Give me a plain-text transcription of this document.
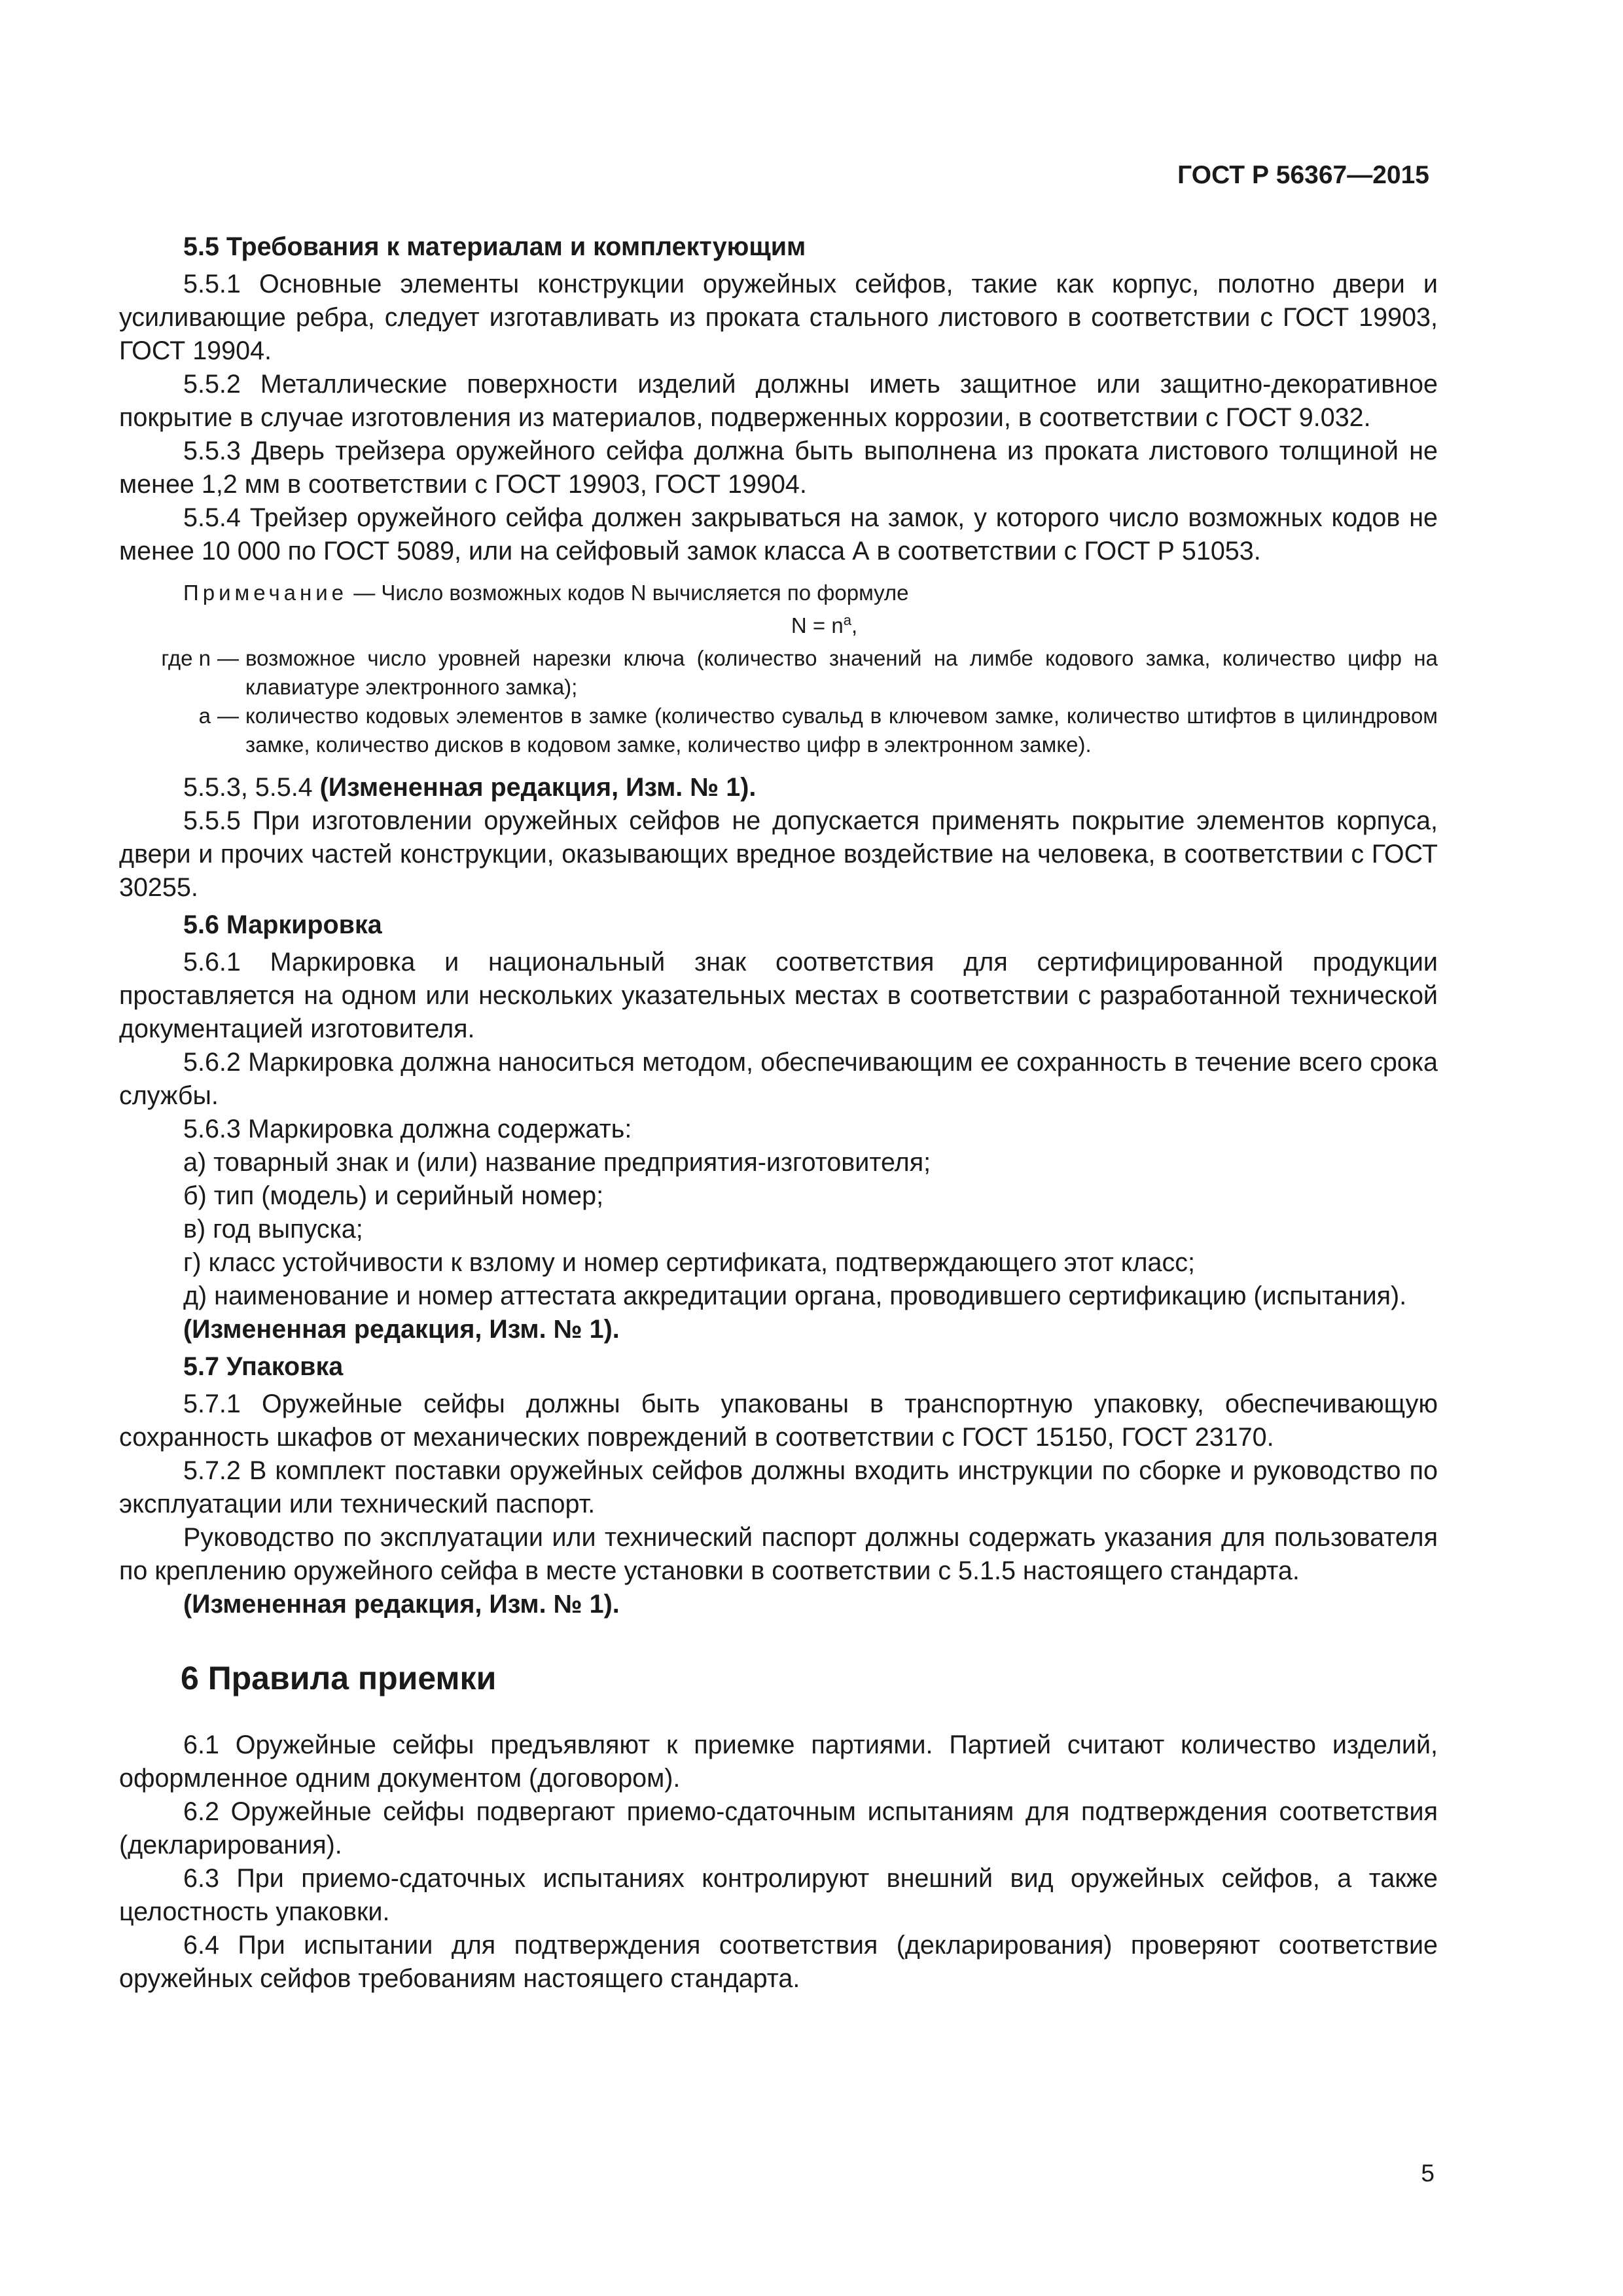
ГОСТ Р 56367—2015

5.5 Требования к материалам и комплектующим

5.5.1 Основные элементы конструкции оружейных сейфов, такие как корпус, полотно двери и усиливающие ребра, следует изготавливать из проката стального листового в соответствии с ГОСТ 19903, ГОСТ 19904.

5.5.2 Металлические поверхности изделий должны иметь защитное или защитно-декоративное покрытие в случае изготовления из материалов, подверженных коррозии, в соответствии с ГОСТ 9.032.

5.5.3 Дверь трейзера оружейного сейфа должна быть выполнена из проката листового толщиной не менее 1,2 мм в соответствии с ГОСТ 19903, ГОСТ 19904.

5.5.4 Трейзер оружейного сейфа должен закрываться на замок, у которого число возможных кодов не менее 10 000 по ГОСТ 5089, или на сейфовый замок класса А в соответствии с ГОСТ Р 51053.

Примечание — Число возможных кодов N вычисляется по формуле

$N = n^a$,

где n — возможное число уровней нарезки ключа (количество значений на лимбе кодового замка, количество цифр на клавиатуре электронного замка);
а — количество кодовых элементов в замке (количество сувальд в ключевом замке, количество штифтов в цилиндровом замке, количество дисков в кодовом замке, количество цифр в электронном замке).

5.5.3, 5.5.4 (Измененная редакция, Изм. № 1).

5.5.5 При изготовлении оружейных сейфов не допускается применять покрытие элементов корпуса, двери и прочих частей конструкции, оказывающих вредное воздействие на человека, в соответствии с ГОСТ 30255.

5.6 Маркировка

5.6.1 Маркировка и национальный знак соответствия для сертифицированной продукции проставляется на одном или нескольких указательных местах в соответствии с разработанной технической документацией изготовителя.

5.6.2 Маркировка должна наноситься методом, обеспечивающим ее сохранность в течение всего срока службы.

5.6.3 Маркировка должна содержать:

а) товарный знак и (или) название предприятия-изготовителя;

б) тип (модель) и серийный номер;

в) год выпуска;

г) класс устойчивости к взлому и номер сертификата, подтверждающего этот класс;

д) наименование и номер аттестата аккредитации органа, проводившего сертификацию (испытания).

(Измененная редакция, Изм. № 1).

5.7 Упаковка

5.7.1 Оружейные сейфы должны быть упакованы в транспортную упаковку, обеспечивающую сохранность шкафов от механических повреждений в соответствии с ГОСТ 15150, ГОСТ 23170.

5.7.2 В комплект поставки оружейных сейфов должны входить инструкции по сборке и руководство по эксплуатации или технический паспорт.

Руководство по эксплуатации или технический паспорт должны содержать указания для пользователя по креплению оружейного сейфа в месте установки в соответствии с 5.1.5 настоящего стандарта.

(Измененная редакция, Изм. № 1).

6 Правила приемки

6.1 Оружейные сейфы предъявляют к приемке партиями. Партией считают количество изделий, оформленное одним документом (договором).

6.2 Оружейные сейфы подвергают приемо-сдаточным испытаниям для подтверждения соответствия (декларирования).

6.3 При приемо-сдаточных испытаниях контролируют внешний вид оружейных сейфов, а также целостность упаковки.

6.4 При испытании для подтверждения соответствия (декларирования) проверяют соответствие оружейных сейфов требованиям настоящего стандарта.

5
